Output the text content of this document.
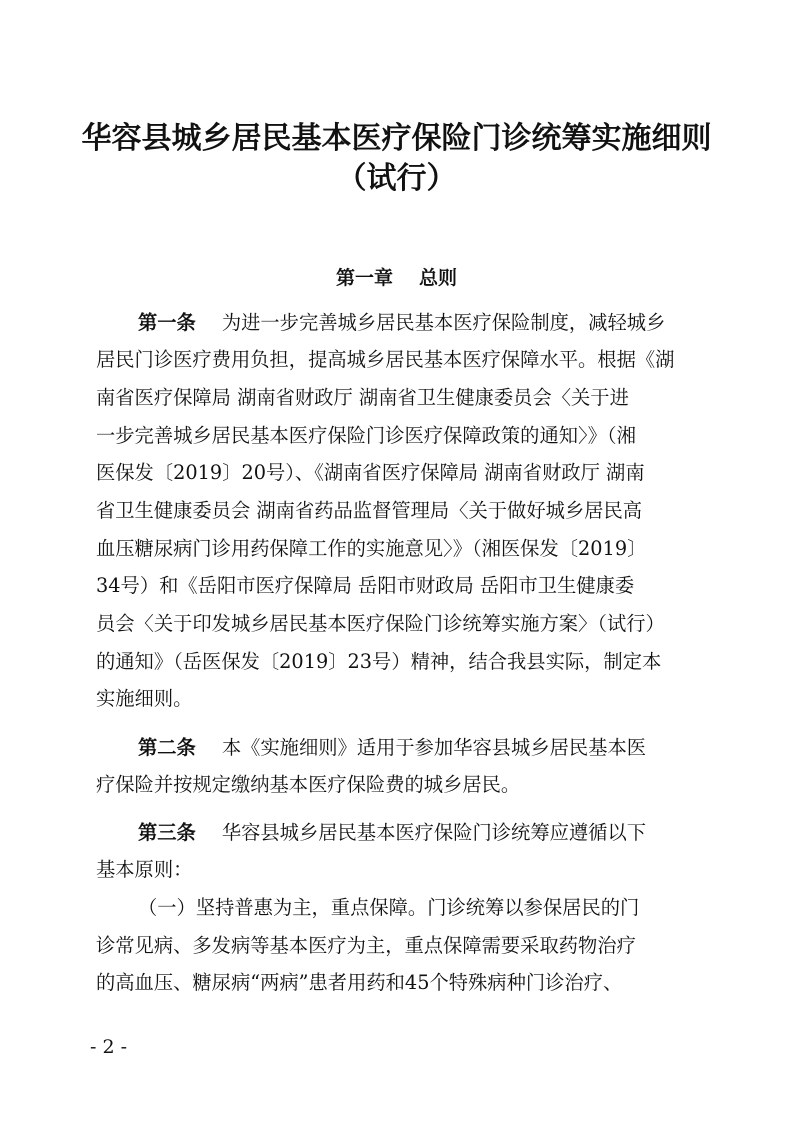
华容县城乡居民基本医疗保险门诊统筹实施细则
（试行）
第一章 总则
第一条 为进一步完善城乡居民基本医疗保险制度，减轻城乡
居民门诊医疗费用负担，提高城乡居民基本医疗保障水平。根据《湖
南省医疗保障局 湖南省财政厅 湖南省卫生健康委员会〈关于进
一步完善城乡居民基本医疗保险门诊医疗保障政策的通知〉》（湘
医保发〔2019〕20号）、《湖南省医疗保障局 湖南省财政厅 湖南
省卫生健康委员会 湖南省药品监督管理局〈关于做好城乡居民高
血压糖尿病门诊用药保障工作的实施意见〉》（湘医保发〔2019〕
34号）和《岳阳市医疗保障局 岳阳市财政局 岳阳市卫生健康委
员会〈关于印发城乡居民基本医疗保险门诊统筹实施方案〉（试行）
的通知》（岳医保发〔2019〕23号）精神，结合我县实际，制定本
实施细则。
第二条 本《实施细则》适用于参加华容县城乡居民基本医
疗保险并按规定缴纳基本医疗保险费的城乡居民。
第三条 华容县城乡居民基本医疗保险门诊统筹应遵循以下
基本原则：
（一）坚持普惠为主，重点保障。门诊统筹以参保居民的门
诊常见病、多发病等基本医疗为主，重点保障需要采取药物治疗
的高血压、糖尿病“两病”患者用药和45个特殊病种门诊治疗、
- 2 -
